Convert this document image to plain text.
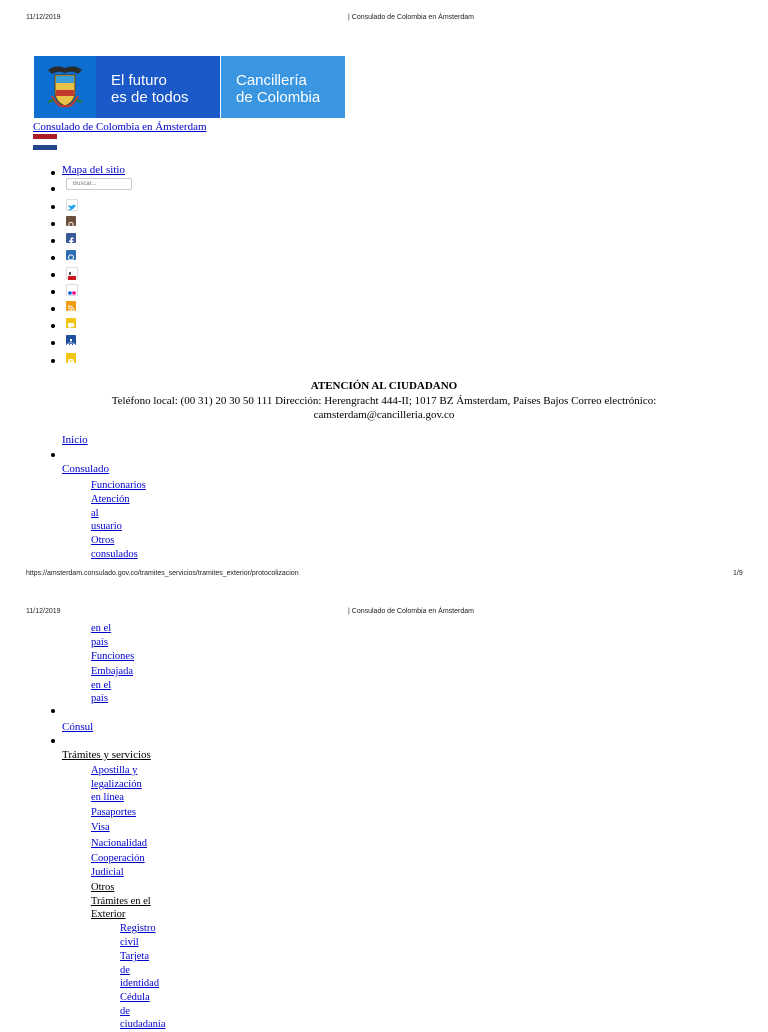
11/12/2019	| Consulado de Colombia en Ámsterdam
El futuro
es de todos
Cancillería
de Colombia
Consulado de Colombia en Ámsterdam
Mapa del sitio
Buscar...
ATENCIÓN AL CIUDADANO
Teléfono local: (00 31) 20 30 50 111 Dirección: Herengracht 444-II; 1017 BZ Ámsterdam, Países Bajos Correo electrónico:
camsterdam@cancilleria.gov.co
Inicio
Consulado
Funcionarios
Atención
al
usuario
Otros
consulados
https://amsterdam.consulado.gov.co/tramites_servicios/tramites_exterior/protocolizacion	1/9
11/12/2019	| Consulado de Colombia en Ámsterdam
en el
país
Funciones
Embajada
en el
país
Cónsul
Trámites y servicios
Apostilla y
legalización
en línea
Pasaportes
Visa
Nacionalidad
Cooperación
Judicial
Otros
Trámites en el
Exterior
Registro
civil
Tarjeta
de
identidad
Cédula
de
ciudadanía
